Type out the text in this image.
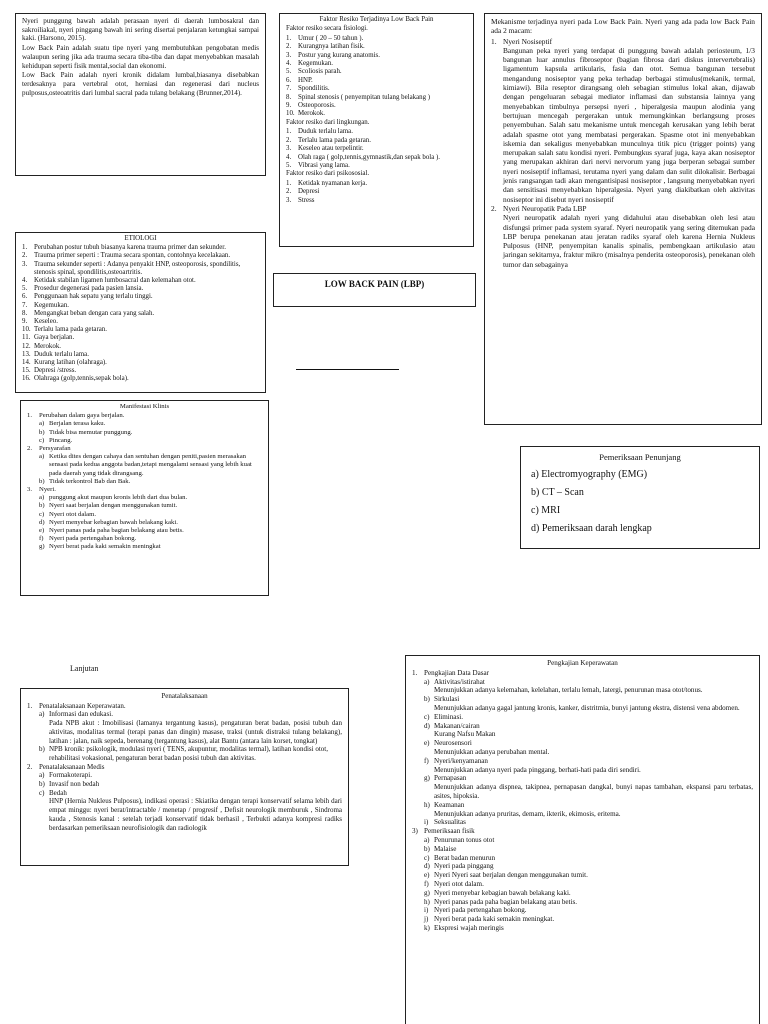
Nyeri punggung bawah adalah perasaan nyeri di daerah lumbosakral dan sakroiliakal, nyeri pinggang bawah ini sering disertai penjalaran ketungkai sampai kaki. (Harsono, 2015).

Low Back Pain adalah suatu tipe nyeri yang membutuhkan pengobatan medis walaupun sering jika ada trauma secara tiba-tiba dan dapat menyebabkan masalah kehidupan seperti fisik mental,social dan ekonomi.

Low Back Pain adalah nyeri kronik didalam lumbal,biasanya disebabkan terdesaknya para vertebral otot, herniasi dan regenerasi dari nucleus pulposus,osteoatritis dari lumbal sacral pada tulang belakang (Brunner,2014).

Faktor Resiko Terjadinya Low Back Pain

Faktor resiko secara fisiologi.

1. Umur ( 20 – 50 tahun ).
2. Kurangnya latihan fisik.
3. Postur yang kurang anatomis.
4. Kegemukan.
5. Scoliosis parah.
6. HNP.
7. Spondilitis.
8. Spinal stenosis ( penyempitan tulang belakang )
9. Osteoporosis.
10. Merokok.

Faktor resiko dari lingkungan.

1. Duduk terlalu lama.
2. Terlalu lama pada getaran.
3. Keseleo atau terpelintir.
4. Olah raga ( golp,tennis,gymnastik,dan sepak bola ).
5. Vibrasi yang lama.

Faktor resiko dari psikososial.

1. Ketidak nyamanan kerja.
2. Depresi
3. Stress

Mekanisme terjadinya nyeri pada Low Back Pain. Nyeri yang ada pada low Back Pain ada 2 macam:

1. Nyeri Nosiseptif
Bangunan peka nyeri yang terdapat di punggung bawah adalah periosteum, 1/3 bangunan luar annulus fibroseptor (bagian fibrosa dari diskus intervertebralis) ligamentum kapsula artikularis, fasia dan otot. Semua bangunan tersebut mengandung nosiseptor yang peka terhadap berbagai stimulus(mekanik, termal, kimiawi). Bila reseptor dirangsang oleh sebagian stimulus lokal akan, dijawab dengan pengeluaran sebagai mediator inflamasi dan substansia lainnya yang menyebabkan timbulnya persepsi nyeri , hiperalgesia maupun alodinia yang bertujuan mencegah pergerakan untuk memungkinkan berlangsung proses penyembuhan. Salah satu mekanisme untuk mencegah kerusakan yang lebih berat adalah spasme otot yang membatasi pergerakan. Spasme otot ini menyebabkan iskemia dan sekaligus menyebabkan munculnya titik picu (trigger points) yang merupakan salah satu kondisi nyeri. Pembungkus syaraf juga, kaya akan nosiseptor yang merupakan akhiran dari nervi nervorum yang juga berperan sebagai sumber nyeri nosiseptif inflamasi, terutama nyeri yang dalam dan sulit dilokalisir. Berbagai jenis rangsangan tadi akan mengantisipasi nosiseptor , langsung menyebabkan nyeri dan sensitisasi menyebabkan hiperalgesia. Nyeri yang diakibatkan oleh aktivitas nosiseptor ini disebut nyeri nosiseptif
2. Nyeri Neuropatik Pada LBP
Nyeri neuropatik adalah nyeri yang didahului atau disebabkan oleh lesi atau disfungsi primer pada system syaraf. Nyeri neuropatik yang sering ditemukan pada LBP berupa penekanan atau jeratan radiks syaraf oleh karena Hernia Nukleus Pulposus (HNP, penyempitan kanalis spinalis, pembengkaan artikulasio atau jaringan sekitarnya, fraktur mikro (misalnya penderita osteoporosis), penekanan oleh tumor dan sebagainya

ETIOLOGI

1. Perubahan postur tubuh biasanya karena trauma primer dan sekunder.
2. Trauma primer seperti : Trauma secara spontan, contohnya kecelakaan.
3. Trauma sekunder seperti : Adanya penyakit HNP, osteoporosis, spondilitis, stenosis spinal, spondilitis,osteoartritis.
4. Ketidak stabilan ligamen lumbosacral dan kelemahan otot.
5. Prosedur degenerasi pada pasien lansia.
6. Penggunaan hak sepatu yang terlalu tinggi.
7. Kegemukan.
8. Mengangkat beban dengan cara yang salah.
9. Keseleo.
10. Terlalu lama pada getaran.
11. Gaya berjalan.
12. Merokok.
13. Duduk terlalu lama.
14. Kurang latihan (olahraga).
15. Depresi /stress.
16. Olahraga (golp,tennis,sepak bola).
LOW BACK PAIN (LBP)

Manifestasi Klinis

1.	Perubahan dalam gaya berjalan.
a) Berjalan terasa kaku.
b) Tidak bisa memutar punggung.
c) Pincang.
2.	Persyarafan
a) Ketika dites dengan cahaya dan sentuhan dengan peniti,pasien merasakan sensasi pada kedua anggota badan,tetapi mengalami sensasi yang lebih kuat pada daerah yang tidak dirangsang.
b) Tidak terkontrol Bab dan Bak.
3.	Nyeri.
a) punggung akut maupun kronis lebih dari dua bulan.
b) Nyeri saat berjalan dengan menggunakan tumit.
c) Nyeri otot dalam.
d) Nyeri menyebar kebagian bawah belakang kaki.
e) Nyeri panas pada paha bagian belakang atau betis.
f) Nyeri pada pertengahan bokong.
g) Nyeri berat pada kaki semakin meningkat

Pemeriksaan Penunjang

a) Electromyography (EMG)

b) CT – Scan

c) MRI

d) Pemeriksaan darah lengkap

Lanjutan

Penatalaksanaan

1. Penatalaksanaan Keperawatan.
a) Informasi dan edukasi.
Pada NPB akut : Imobilisasi (lamanya tergantung kasus), pengaturan berat badan, posisi tubuh dan aktivitas, modalitas termal (terapi panas dan dingin) masase, traksi (untuk distraksi tulang belakang), latihan : jalan, naik sepeda, berenang (tergantung kasus), alat Bantu (antara lain korset, tongkat)
b) NPB kronik: psikologik, modulasi nyeri ( TENS, akupuntur, modalitas termal), latihan kondisi otot, rehabilitasi vokasional, pengaturan berat badan posisi tubuh dan aktivitas.
2. Penatalaksanaan Medis
a) Formakoterapi.
b) Invasif non bedah
c) Bedah
HNP (Hernia Nukleus Pulposus), indikasi operasi : Skiatika dengan terapi konservatif selama lebih dari empat minggu: nyeri berat/intractable / menetap / progresif , Defisit neurologik memburuk , Sindroma kauda , Stenosis kanal : setelah terjadi konservatif tidak berhasil , Terbukti adanya kompresi radiks berdasarkan pemeriksaan neurofisiologik dan radiologik

Pengkajian Keperawatan

1. Pengkajian Data Dasar
a) Aktivitas/istirahat
Menunjukkan adanya kelemahan, kelelahan, terlalu lemah, latergi, penurunan masa otot/tonus.
b) Sirkulasi
Menunjukkan adanya gagal jantung kronis, kanker, distritmia, bunyi jantung ekstra, distensi vena abdomen.
c) Eliminasi.
d) Makanan/cairan
Kurang Nafsu Makan
e) Neurosensori
Menunjukkan adanya perubahan mental.
f) Nyeri/kenyamanan
Menunjukkan adanya nyeri pada pinggang, berhati-hati pada diri sendiri.
g) Pernapasan
Menunjukkan adanya dispnea, takipnea, pernapasan dangkal, bunyi napas tambahan, ekspansi paru terbatas, asites, hipoksia.
h) Keamanan
Menunjukkan adanya pruritas, demam, ikterik, ekimosis, eritema.
i) Seksualitas
3) Pemeriksaan fisik
a) Penurunan tonus otot
b) Malaise
c) Berat badan menurun
d) Nyeri pada pinggang
e) Nyeri Nyeri saat berjalan dengan menggunakan tumit.
f) Nyeri otot dalam.
g) Nyeri menyebar kebagian bawah belakang kaki.
h) Nyeri panas pada paha bagian belakang atau betis.
i) Nyeri pada pertengahan bokong.
j) Nyeri berat pada kaki semakin meningkat.
k) Ekspresi wajah meringis
